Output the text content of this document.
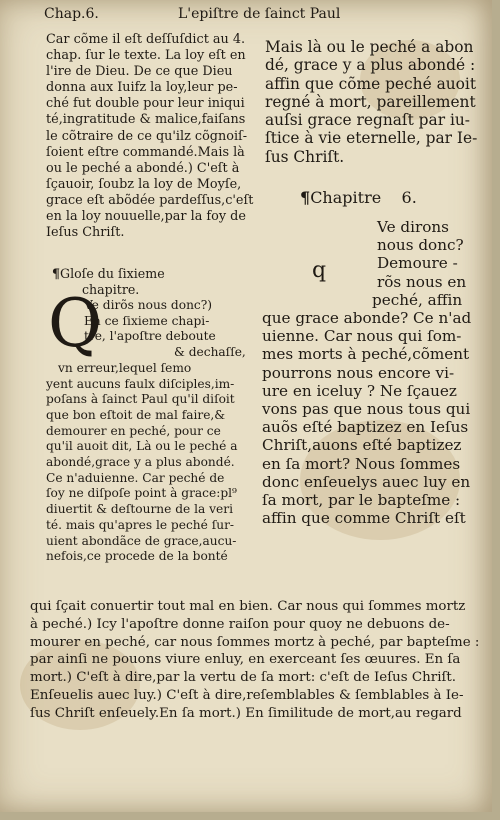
Chap.6.	L'epiſtre de ſainct Paul
Car cõme il eſt deſſuſdict au 4.
chap. ſur le texte. La loy eſt en
l'ire de Dieu. De ce que Dieu
donna aux Iuifz la loy,leur pe-
ché fut double pour leur iniqui
té,ingratitude & malice,faiſans
le cõtraire de ce qu'ilz cõgnoiſ-
ſoient eſtre commandé.Mais là
ou le peché a abondé.) C'eſt à
ſçauoir, ſoubz la loy de Moyſe,
grace eſt abõdée pardeſſus,c'eſt
en la loy nouuelle,par la foy de
Ieſus Chriſt.
Mais là ou le peché a abon
dé, grace y a plus abondé :
affin que cõme peché auoit
regné à mort, pareillement
auſsi grace regnaſt par iu-
ſtice à vie eternelle, par Ie-
ſus Chriſt.
¶Chapitre 6.
q
Ve dirons
nous donc?
Demoure -
rõs nous en
peché, affin
que grace abonde? Ce n'ad
uienne. Car nous qui ſom-
mes morts à peché,cõment
pourrons nous encore vi-
ure en iceluy ? Ne ſçauez
vons pas que nous tous qui
auõs eſté baptizez en Ieſus
Chriſt,auons eſté baptizez
en ſa mort? Nous ſommes
donc enſeuelys auec luy en
ſa mort, par le bapteſme :
affin que comme Chriſt eſt
¶Gloſe du ſixieme
chapitre.
Q
Ve dirõs nous donc?)
En ce ſixieme chapi-
tre, l'apoſtre deboute
& dechaſſe,
vn erreur,lequel ſemo
yent aucuns faulx diſciples,im-
poſans à ſainct Paul qu'il diſoit
que bon eſtoit de mal faire,&
demourer en peché, pour ce
qu'il auoit dit, Là ou le peché a
abondé,grace y a plus abondé.
Ce n'aduienne. Car peché de
ſoy ne diſpoſe point à grace:pl⁹
diuertit & deſtourne de la veri
té. mais qu'apres le peché ſur-
uient abondãce de grace,aucu-
nefois,ce procede de la bonté
qui ſçait conuertir tout mal en bien. Car nous qui ſommes mortz
à peché.) Icy l'apoſtre donne raiſon pour quoy ne debuons de-
mourer en peché, car nous ſommes mortz à peché, par bapteſme :
par ainſi ne pouons viure enluy, en exerceant ſes œuures. En ſa
mort.) C'eſt à dire,par la vertu de ſa mort: c'eſt de Ieſus Chriſt.
Enſeuelis auec luy.) C'eſt à dire,reſemblables & ſemblables à Ie-
ſus Chriſt enſeuely.En ſa mort.) En ſimilitude de mort,au regard
